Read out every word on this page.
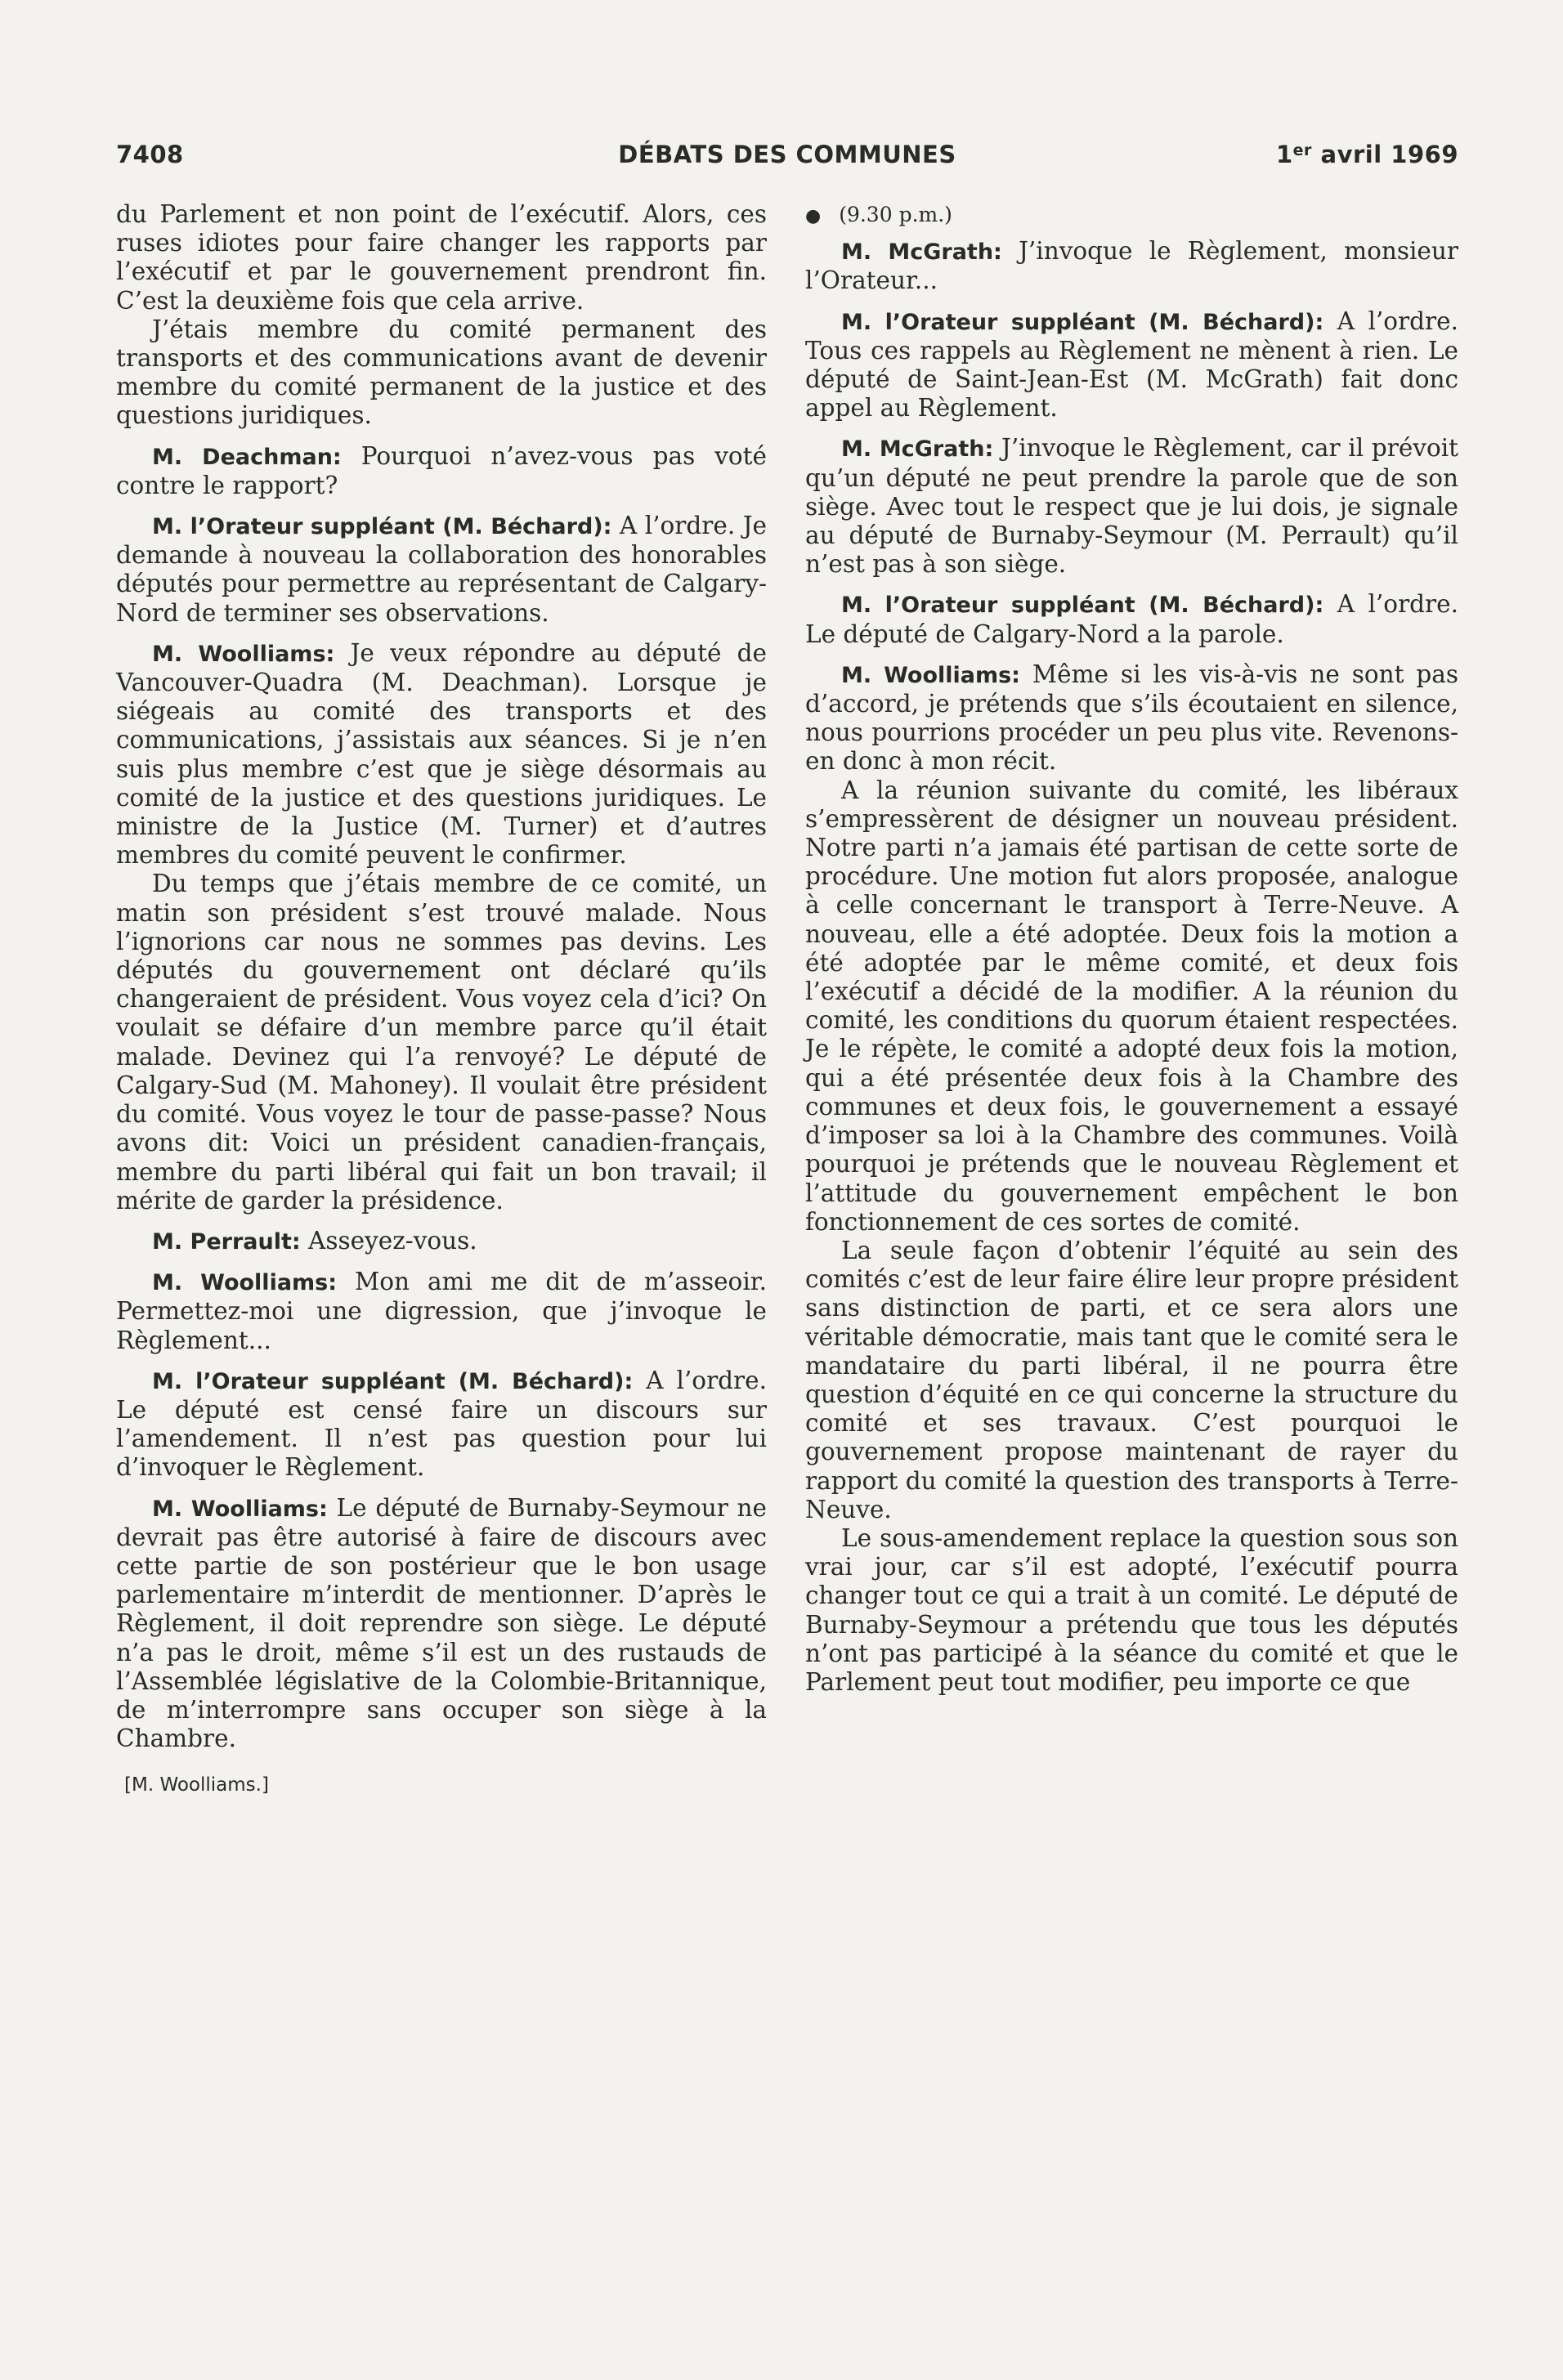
7408	DÉBATS DES COMMUNES	1er avril 1969

du Parlement et non point de l’exécutif. Alors, ces ruses idiotes pour faire changer les rapports par l’exécutif et par le gouvernement prendront fin. C’est la deuxième fois que cela arrive.

J’étais membre du comité permanent des transports et des communications avant de devenir membre du comité permanent de la justice et des questions juridiques.

M. Deachman: Pourquoi n’avez-vous pas voté contre le rapport?

M. l’Orateur suppléant (M. Béchard): A l’ordre. Je demande à nouveau la collaboration des honorables députés pour permettre au représentant de Calgary-Nord de terminer ses observations.

M. Woolliams: Je veux répondre au député de Vancouver-Quadra (M. Deachman). Lorsque je siégeais au comité des transports et des communications, j’assistais aux séances. Si je n’en suis plus membre c’est que je siège désormais au comité de la justice et des questions juridiques. Le ministre de la Justice (M. Turner) et d’autres membres du comité peuvent le confirmer.

Du temps que j’étais membre de ce comité, un matin son président s’est trouvé malade. Nous l’ignorions car nous ne sommes pas devins. Les députés du gouvernement ont déclaré qu’ils changeraient de président. Vous voyez cela d’ici? On voulait se défaire d’un membre parce qu’il était malade. Devinez qui l’a renvoyé? Le député de Calgary-Sud (M. Mahoney). Il voulait être président du comité. Vous voyez le tour de passe-passe? Nous avons dit: Voici un président canadien-français, membre du parti libéral qui fait un bon travail; il mérite de garder la présidence.

M. Perrault: Asseyez-vous.

M. Woolliams: Mon ami me dit de m’asseoir. Permettez-moi une digression, que j’invoque le Règlement...

M. l’Orateur suppléant (M. Béchard): A l’ordre. Le député est censé faire un discours sur l’amendement. Il n’est pas question pour lui d’invoquer le Règlement.

M. Woolliams: Le député de Burnaby-Seymour ne devrait pas être autorisé à faire de discours avec cette partie de son postérieur que le bon usage parlementaire m’interdit de mentionner. D’après le Règlement, il doit reprendre son siège. Le député n’a pas le droit, même s’il est un des rustauds de l’Assemblée législative de la Colombie-Britannique, de m’interrompre sans occuper son siège à la Chambre.

[M. Woolliams.]

● (9.30 p.m.)

M. McGrath: J’invoque le Règlement, monsieur l’Orateur...

M. l’Orateur suppléant (M. Béchard): A l’ordre. Tous ces rappels au Règlement ne mènent à rien. Le député de Saint-Jean-Est (M. McGrath) fait donc appel au Règlement.

M. McGrath: J’invoque le Règlement, car il prévoit qu’un député ne peut prendre la parole que de son siège. Avec tout le respect que je lui dois, je signale au député de Burnaby-Seymour (M. Perrault) qu’il n’est pas à son siège.

M. l’Orateur suppléant (M. Béchard): A l’ordre. Le député de Calgary-Nord a la parole.

M. Woolliams: Même si les vis-à-vis ne sont pas d’accord, je prétends que s’ils écoutaient en silence, nous pourrions procéder un peu plus vite. Revenons-en donc à mon récit.

A la réunion suivante du comité, les libéraux s’empressèrent de désigner un nouveau président. Notre parti n’a jamais été partisan de cette sorte de procédure. Une motion fut alors proposée, analogue à celle concernant le transport à Terre-Neuve. A nouveau, elle a été adoptée. Deux fois la motion a été adoptée par le même comité, et deux fois l’exécutif a décidé de la modifier. A la réunion du comité, les conditions du quorum étaient respectées. Je le répète, le comité a adopté deux fois la motion, qui a été présentée deux fois à la Chambre des communes et deux fois, le gouvernement a essayé d’imposer sa loi à la Chambre des communes. Voilà pourquoi je prétends que le nouveau Règlement et l’attitude du gouvernement empêchent le bon fonctionnement de ces sortes de comité.

La seule façon d’obtenir l’équité au sein des comités c’est de leur faire élire leur propre président sans distinction de parti, et ce sera alors une véritable démocratie, mais tant que le comité sera le mandataire du parti libéral, il ne pourra être question d’équité en ce qui concerne la structure du comité et ses travaux. C’est pourquoi le gouvernement propose maintenant de rayer du rapport du comité la question des transports à Terre-Neuve.

Le sous-amendement replace la question sous son vrai jour, car s’il est adopté, l’exécutif pourra changer tout ce qui a trait à un comité. Le député de Burnaby-Seymour a prétendu que tous les députés n’ont pas participé à la séance du comité et que le Parlement peut tout modifier, peu importe ce que
